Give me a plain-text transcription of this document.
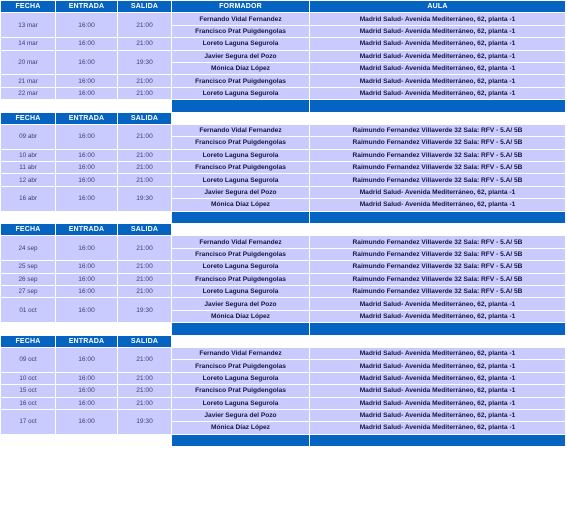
FECHA	ENTRADA	SALIDA	FORMADOR	AULA
13 mar	16:00	21:00	Fernando Vidal Fernandez	Madrid Salud- Avenida Mediterráneo, 62, planta -1
			Francisco Prat Puigdengolas	Madrid Salud- Avenida Mediterráneo, 62, planta -1
14 mar	16:00	21:00	Loreto Laguna Segurola	Madrid Salud- Avenida Mediterráneo, 62, planta -1
20 mar	16:00	19:30	Javier Segura del Pozo	Madrid Salud- Avenida Mediterráneo, 62, planta -1
			Mónica Díaz López	Madrid Salud- Avenida Mediterráneo, 62, planta -1
21 mar	16:00	21:00	Francisco Prat Puigdengolas	Madrid Salud- Avenida Mediterráneo, 62, planta -1
22 mar	16:00	21:00	Loreto Laguna Segurola	Madrid Salud- Avenida Mediterráneo, 62, planta -1

FECHA	ENTRADA	SALIDA		
09 abr	16:00	21:00	Fernando Vidal Fernandez	Raimundo Fernandez Villaverde 32 Sala: RFV - 5.A/ 5B
			Francisco Prat Puigdengolas	Raimundo Fernandez Villaverde 32 Sala: RFV - 5.A/ 5B
10 abr	16:00	21:00	Loreto Laguna Segurola	Raimundo Fernandez Villaverde 32 Sala: RFV - 5.A/ 5B
11 abr	16:00	21:00	Francisco Prat Puigdengolas	Raimundo Fernandez Villaverde 32 Sala: RFV - 5.A/ 5B
12 abr	16:00	21:00	Loreto Laguna Segurola	Raimundo Fernandez Villaverde 32 Sala: RFV - 5.A/ 5B
16 abr	16:00	19:30	Javier Segura del Pozo	Madrid Salud- Avenida Mediterráneo, 62, planta -1
			Mónica Díaz López	Madrid Salud- Avenida Mediterráneo, 62, planta -1

FECHA	ENTRADA	SALIDA		
24 sep	16:00	21:00	Fernando Vidal Fernandez	Raimundo Fernandez Villaverde 32 Sala: RFV - 5.A/ 5B
			Francisco Prat Puigdengolas	Raimundo Fernandez Villaverde 32 Sala: RFV - 5.A/ 5B
25 sep	16:00	21:00	Loreto Laguna Segurola	Raimundo Fernandez Villaverde 32 Sala: RFV - 5.A/ 5B
26 sep	16:00	21:00	Francisco Prat Puigdengolas	Raimundo Fernandez Villaverde 32 Sala: RFV - 5.A/ 5B
27 sep	16:00	21:00	Loreto Laguna Segurola	Raimundo Fernandez Villaverde 32 Sala: RFV - 5.A/ 5B
01 oct	16:00	19:30	Javier Segura del Pozo	Madrid Salud- Avenida Mediterráneo, 62, planta -1
			Mónica Díaz López	Madrid Salud- Avenida Mediterráneo, 62, planta -1

FECHA	ENTRADA	SALIDA		
09 oct	16:00	21:00	Fernando Vidal Fernandez	Madrid Salud- Avenida Mediterráneo, 62, planta -1
			Francisco Prat Puigdengolas	Madrid Salud- Avenida Mediterráneo, 62, planta -1
10 oct	16:00	21:00	Loreto Laguna Segurola	Madrid Salud- Avenida Mediterráneo, 62, planta -1
15 oct	16:00	21:00	Francisco Prat Puigdengolas	Madrid Salud- Avenida Mediterráneo, 62, planta -1
16 oct	16:00	21:00	Loreto Laguna Segurola	Madrid Salud- Avenida Mediterráneo, 62, planta -1
17 oct	16:00	19:30	Javier Segura del Pozo	Madrid Salud- Avenida Mediterráneo, 62, planta -1
			Mónica Díaz López	Madrid Salud- Avenida Mediterráneo, 62, planta -1
